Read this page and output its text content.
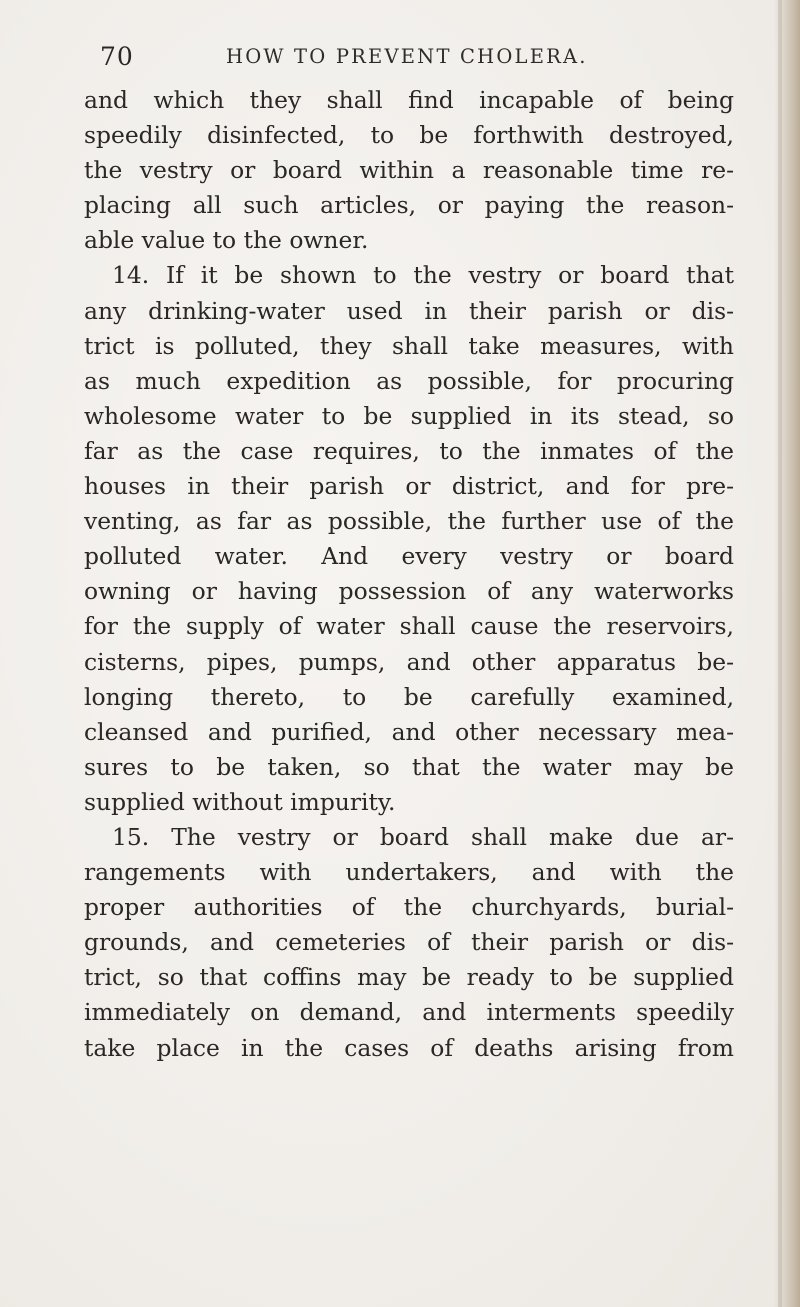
70	HOW TO PREVENT CHOLERA.
and which they shall find incapable of being
speedily disinfected, to be forthwith destroyed,
the vestry or board within a reasonable time re-
placing all such articles, or paying the reason-
able value to the owner.
14. If it be shown to the vestry or board that
any drinking-water used in their parish or dis-
trict is polluted, they shall take measures, with
as much expedition as possible, for procuring
wholesome water to be supplied in its stead, so
far as the case requires, to the inmates of the
houses in their parish or district, and for pre-
venting, as far as possible, the further use of the
polluted water. And every vestry or board
owning or having possession of any waterworks
for the supply of water shall cause the reservoirs,
cisterns, pipes, pumps, and other apparatus be-
longing thereto, to be carefully examined,
cleansed and purified, and other necessary mea-
sures to be taken, so that the water may be
supplied without impurity.
15. The vestry or board shall make due ar-
rangements with undertakers, and with the
proper authorities of the churchyards, burial-
grounds, and cemeteries of their parish or dis-
trict, so that coffins may be ready to be supplied
immediately on demand, and interments speedily
take place in the cases of deaths arising from
